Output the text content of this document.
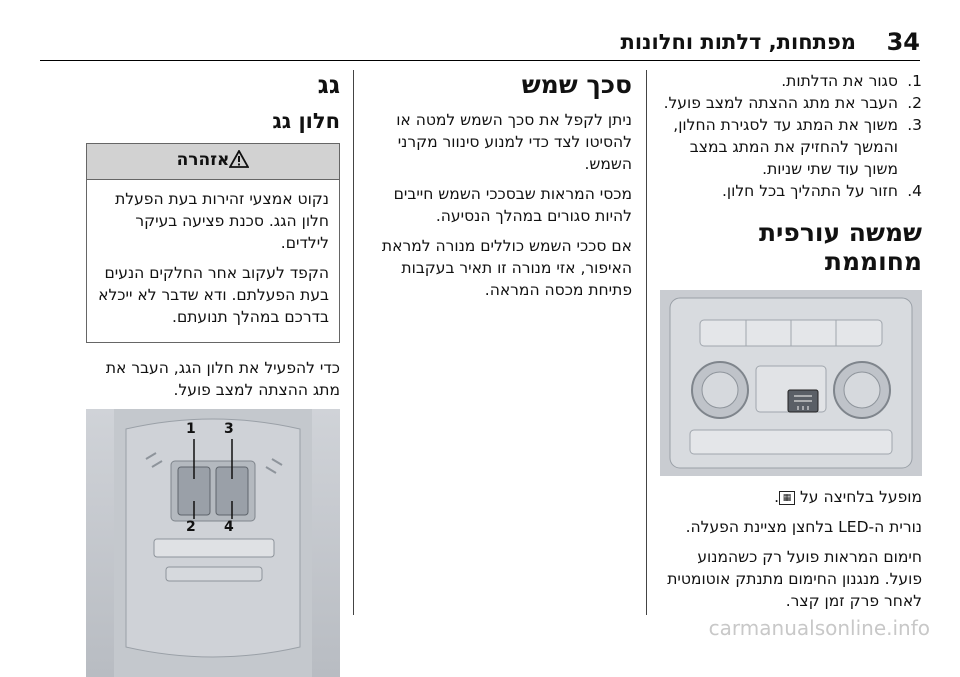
34
מפתחות, דלתות וחלונות
גג
חלון גג
אזהרה

נקוט אמצעי זהירות בעת הפעלת חלון הגג. סכנת פציעה בעיקר לילדים.

הקפד לעקוב אחר החלקים הנעים בעת הפעלתם. ודא שדבר לא ייכלא בדרכם במהלך תנועתם.

כדי להפעיל את חלון הגג, העבר את מתג ההצתה למצב פועל.

1 3
2 4
סכך שמש

ניתן לקפל את סכך השמש למטה או להסיטו לצד כדי למנוע סינוור מקרני השמש.

מכסי המראות שבסככי השמש חייבים להיות סגורים במהלך הנסיעה.

אם סככי השמש כוללים מנורה למראת האיפור, אזי מנורה זו תאיר בעקבות פתיחת מכסה המראה.

1.
סגור את הדלתות.
2.
העבר את מתג ההצתה למצב פועל.
3.
משוך את המתג עד לסגירת החלון, והמשך להחזיק את המתג במצב משוך עוד שתי שניות.
4.
חזור על התהליך בכל חלון.
שמשה עורפית מחוממת

מופעל בלחיצה על ▦.

נורית ה-LED בלחצן מציינת הפעלה.

חימום המראות פועל רק כשהמנוע פועל. מנגנון החימום מתנתק אוטומטית לאחר פרק זמן קצר.

carmanualsonline.info
